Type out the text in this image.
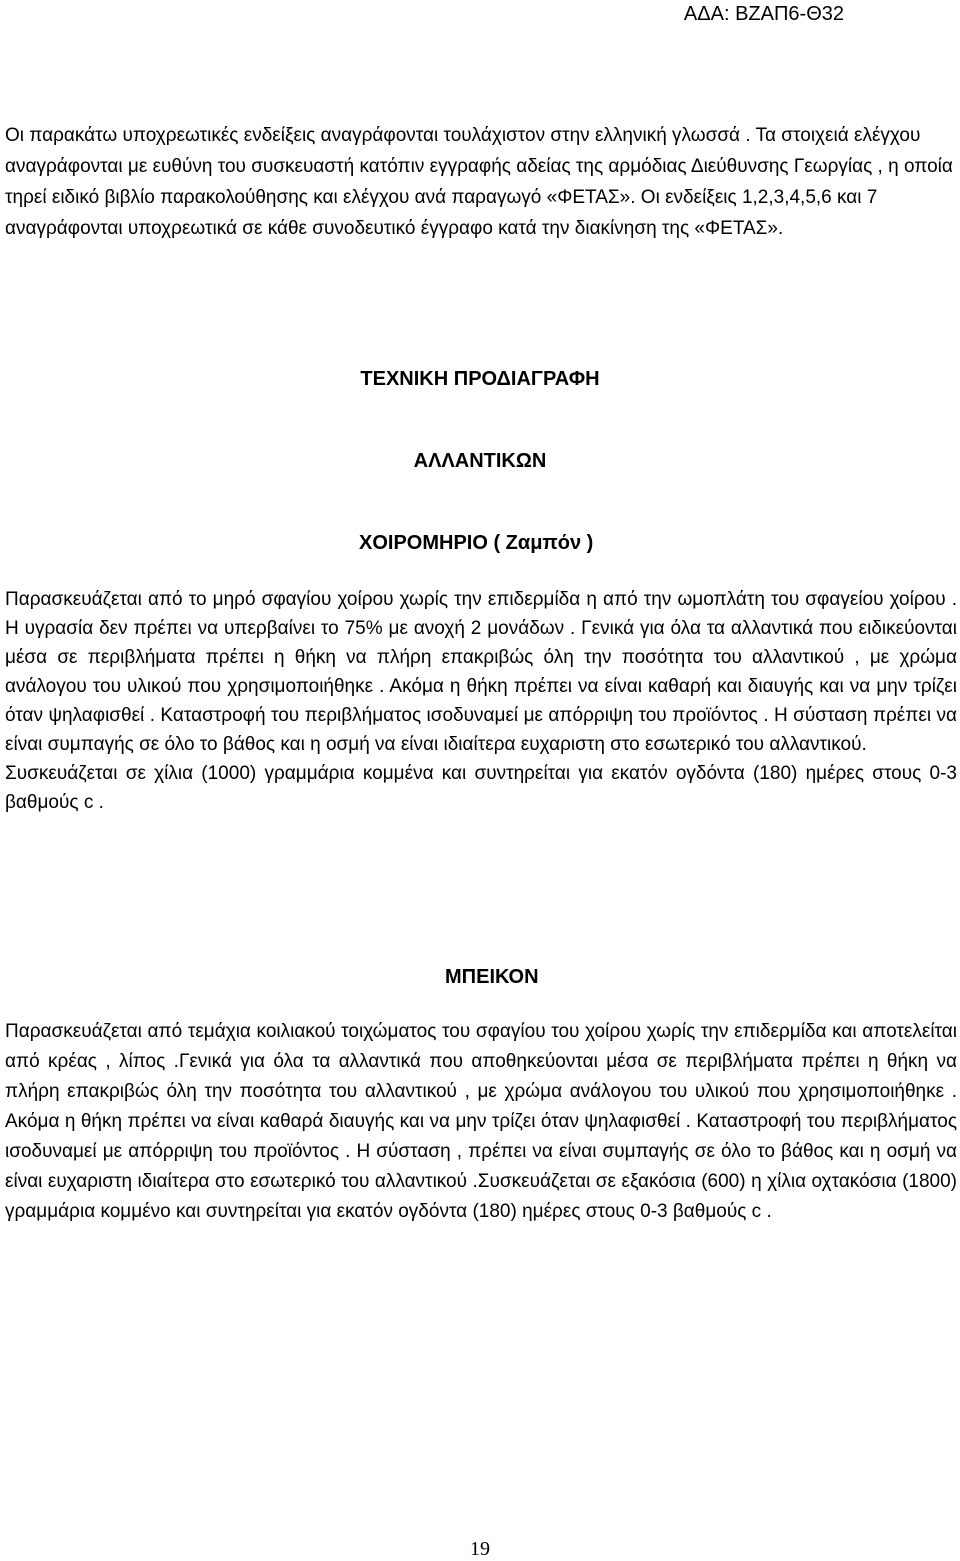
ΑΔΑ: ΒΖΑΠ6-Θ32

Οι παρακάτω υποχρεωτικές ενδείξεις αναγράφονται τουλάχιστον στην ελληνική γλωσσά . Τα στοιχειά ελέγχου αναγράφονται με ευθύνη του συσκευαστή κατόπιν εγγραφής αδείας της αρμόδιας Διεύθυνσης Γεωργίας , η οποία τηρεί ειδικό βιβλίο παρακολούθησης και ελέγχου ανά παραγωγό «ΦΕΤΑΣ». Οι ενδείξεις 1,2,3,4,5,6 και 7 αναγράφονται υποχρεωτικά σε κάθε συνοδευτικό έγγραφο κατά την διακίνηση της «ΦΕΤΑΣ».

ΤΕΧΝΙΚΗ ΠΡΟΔΙΑΓΡΑΦΗ

ΑΛΛΑΝΤΙΚΩΝ

ΧΟΙΡΟΜΗΡΙΟ ( Ζαμπόν )

Παρασκευάζεται από το μηρό σφαγίου χοίρου χωρίς την επιδερμίδα η από την ωμοπλάτη του σφαγείου χοίρου . Η υγρασία δεν πρέπει να υπερβαίνει το 75% με ανοχή 2 μονάδων . Γενικά για όλα τα αλλαντικά που ειδικεύονται μέσα σε περιβλήματα πρέπει η θήκη να πλήρη επακριβώς όλη την ποσότητα του αλλαντικού , με χρώμα ανάλογου του υλικού που χρησιμοποιήθηκε . Ακόμα η θήκη πρέπει να είναι καθαρή και διαυγής και να μην τρίζει όταν ψηλαφισθεί . Καταστροφή του περιβλήματος ισοδυναμεί με απόρριψη του προϊόντος . Η σύσταση πρέπει να είναι συμπαγής σε όλο το βάθος και η οσμή να είναι ιδιαίτερα ευχαριστη στο εσωτερικό του αλλαντικού.

Συσκευάζεται σε χίλια (1000) γραμμάρια κομμένα και συντηρείται για εκατόν ογδόντα (180) ημέρες στους 0-3 βαθμούς c .

ΜΠΕΙΚΟΝ

Παρασκευάζεται από τεμάχια κοιλιακού τοιχώματος του σφαγίου του χοίρου χωρίς την επιδερμίδα και αποτελείται από κρέας , λίπος .Γενικά για όλα τα αλλαντικά που αποθηκεύονται μέσα σε περιβλήματα πρέπει η θήκη να πλήρη επακριβώς όλη την ποσότητα του αλλαντικού , με χρώμα ανάλογου του υλικού που χρησιμοποιήθηκε . Ακόμα η θήκη πρέπει να είναι καθαρά διαυγής και να μην τρίζει όταν ψηλαφισθεί . Καταστροφή του περιβλήματος ισοδυναμεί με απόρριψη του προϊόντος . Η σύσταση , πρέπει να είναι συμπαγής σε όλο το βάθος και η οσμή να είναι ευχαριστη ιδιαίτερα στο εσωτερικό του αλλαντικού .Συσκευάζεται σε εξακόσια (600) η χίλια οχτακόσια (1800) γραμμάρια κομμένο και συντηρείται για εκατόν ογδόντα (180) ημέρες στους 0-3 βαθμούς c .

19
